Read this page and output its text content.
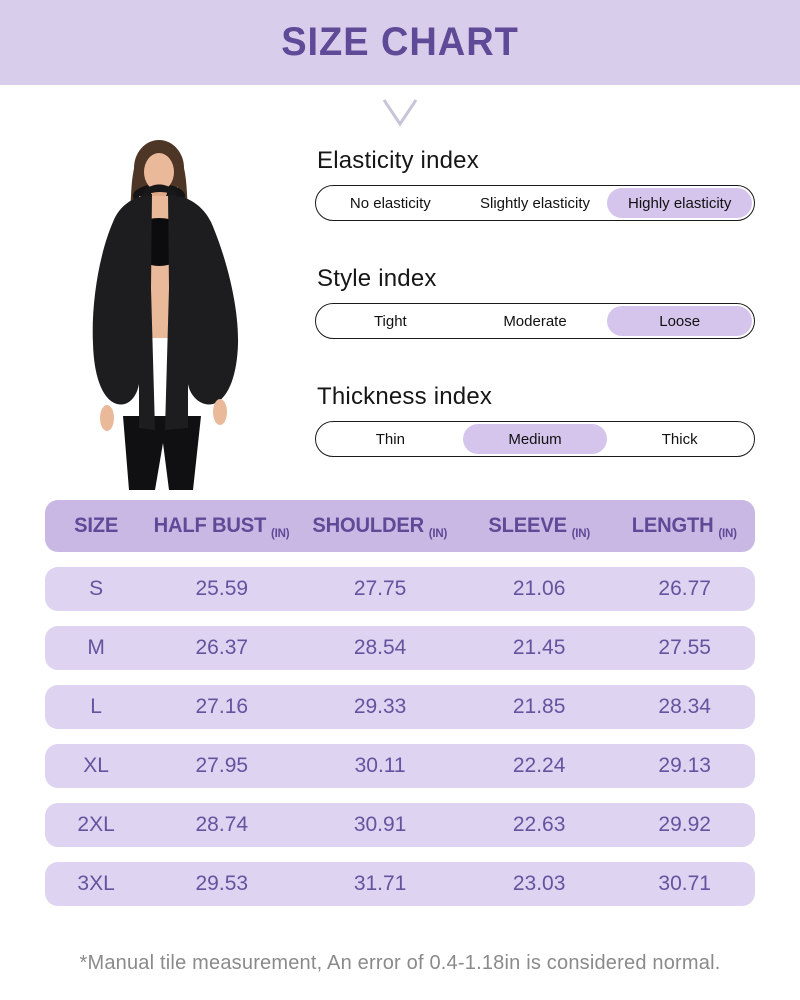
SIZE CHART
Elasticity index
No elasticity	Slightly elasticity	Highly elasticity
Style index
Tight	Moderate	Loose
Thickness index
Thin	Medium	Thick
SIZE HALF BUST (IN) SHOULDER (IN) SLEEVE (IN) LENGTH (IN)
S	25.59	27.75	21.06	26.77
M	26.37	28.54	21.45	27.55
L	27.16	29.33	21.85	28.34
XL	27.95	30.11	22.24	29.13
2XL	28.74	30.91	22.63	29.92
3XL	29.53	31.71	23.03	30.71

*Manual tile measurement, An error of 0.4-1.18in is considered normal.
